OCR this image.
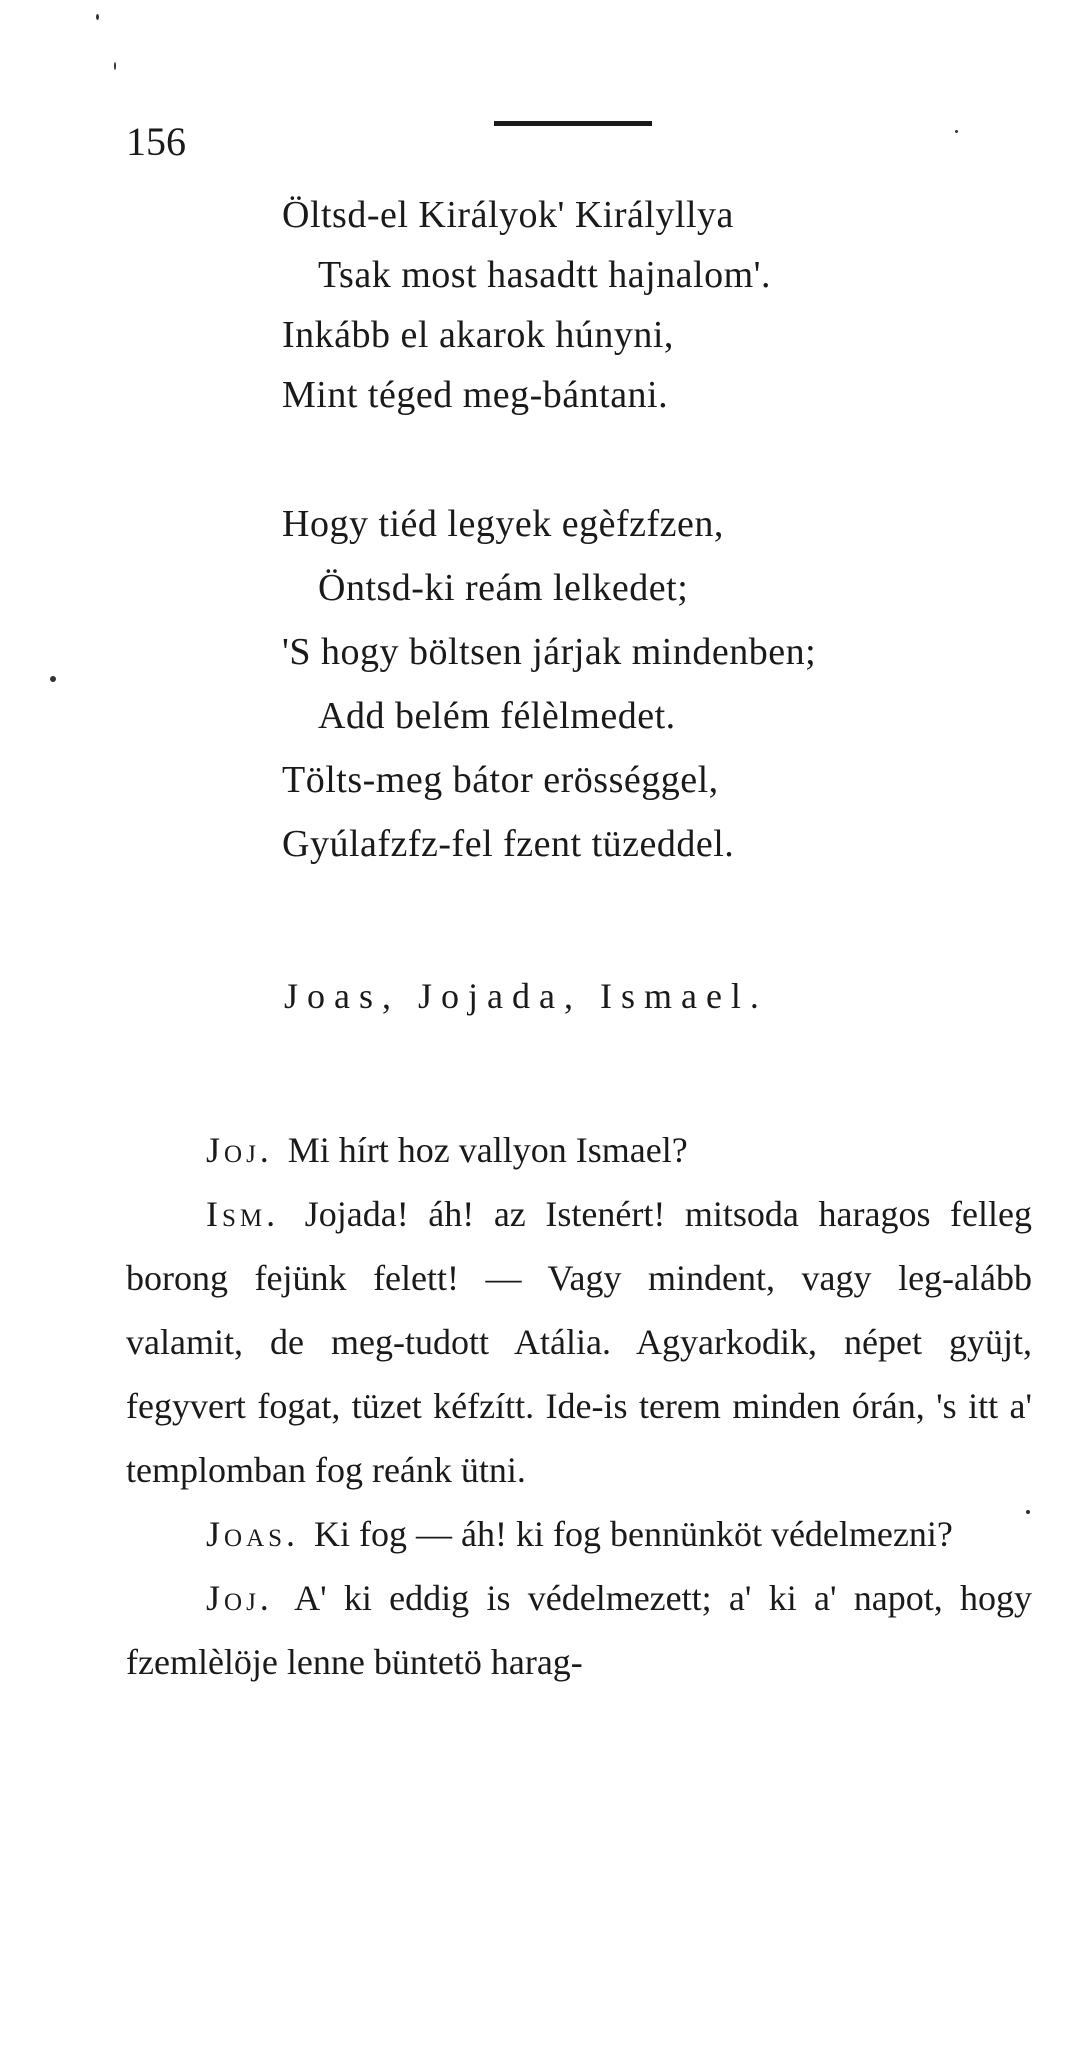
156
Öltsd-el Királyok' Királyllya
Tsak most hasadtt hajnalom'.
Inkább el akarok húnyni,
Mint téged meg-bántani.
Hogy tiéd legyek egèfzfzen,
Öntsd-ki reám lelkedet;
'S hogy böltsen járjak mindenben;
Add belém félèlmedet.
Tölts-meg bátor erösséggel,
Gyúlafzfz-fel fzent tüzeddel.
Joas, Jojada, Ismael.

Joj. Mi hírt hoz vallyon Ismael?

Ism. Jojada! áh! az Istenért! mitsoda haragos felleg borong fejünk felett! — Vagy mindent, vagy leg-alább valamit, de meg-tudott Atália. Agyarkodik, népet gyüjt, fegyvert fogat, tüzet kéfzítt. Ide-is terem minden órán, 's itt a' templomban fog reánk ütni.

Joas. Ki fog — áh! ki fog bennünköt védelmezni?

Joj. A' ki eddig is védelmezett; a' ki a' napot, hogy fzemlèlöje lenne büntetö harag-
